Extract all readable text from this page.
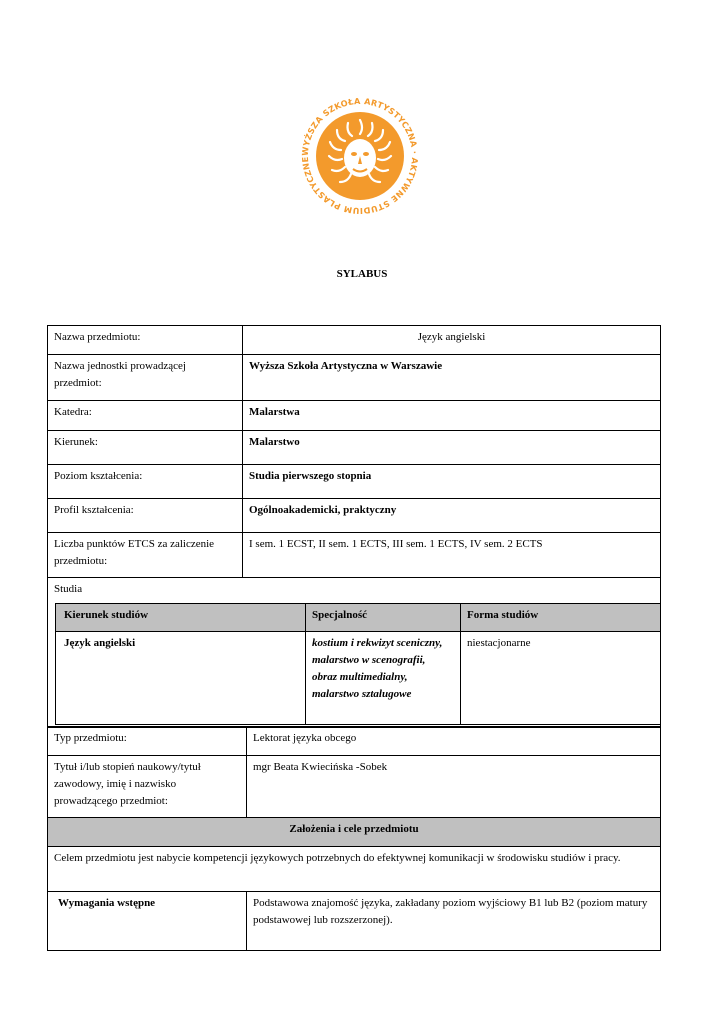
WYŻSZA SZKOŁA ARTYSTYCZNA · AKTYWNE STUDIUM PLASTYCZNE
SYLABUS
Nazwa przedmiotu:	Język angielski
Nazwa jednostki prowadzącej przedmiot:	Wyższa Szkoła Artystyczna w Warszawie
Katedra:	Malarstwa
Kierunek:	Malarstwo
Poziom kształcenia:	Studia pierwszego stopnia
Profil kształcenia:	Ogólnoakademicki, praktyczny
Liczba punktów ETCS za zaliczenie przedmiotu:	I sem. 1 ECST, II sem. 1 ECTS, III sem. 1 ECTS, IV sem. 2 ECTS
Studia	
Kierunek studiów	Specjalność	Forma studiów
Język angielski	kostium i rekwizyt sceniczny, malarstwo w scenografii, obraz multimedialny, malarstwo sztalugowe	niestacjonarne
Typ przedmiotu:	Lektorat języka obcego
Tytuł i/lub stopień naukowy/tytuł zawodowy, imię i nazwisko prowadzącego przedmiot:	mgr Beata Kwiecińska -Sobek
Założenia i cele przedmiotu	
Celem przedmiotu jest nabycie kompetencji językowych potrzebnych do efektywnej komunikacji w środowisku studiów i pracy.	
Wymagania wstępne	Podstawowa znajomość języka, zakładany poziom wyjściowy B1 lub B2 (poziom matury podstawowej lub rozszerzonej).
